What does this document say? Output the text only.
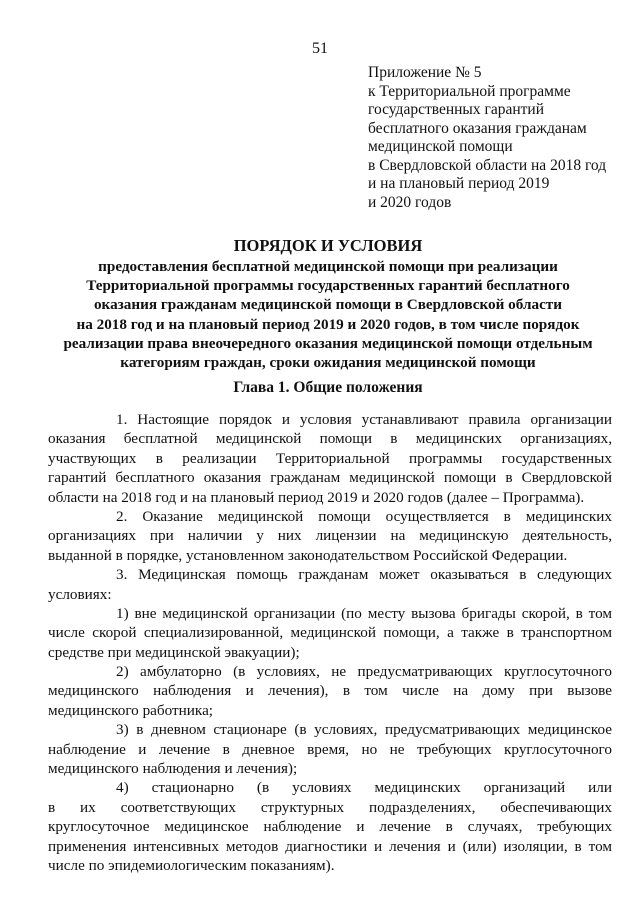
51
Приложение № 5
к Территориальной программе
государственных гарантий
бесплатного оказания гражданам
медицинской помощи
в Свердловской области на 2018 год
и на плановый период 2019
и 2020 годов
ПОРЯДОК И УСЛОВИЯ
предоставления бесплатной медицинской помощи при реализации
Территориальной программы государственных гарантий бесплатного
оказания гражданам медицинской помощи в Свердловской области
на 2018 год и на плановый период 2019 и 2020 годов, в том числе порядок
реализации права внеочередного оказания медицинской помощи отдельным
категориям граждан, сроки ожидания медицинской помощи
Глава 1. Общие положения
1. Настоящие порядок и условия устанавливают правила организации
оказания бесплатной медицинской помощи в медицинских организациях,
участвующих в реализации Территориальной программы государственных
гарантий бесплатного оказания гражданам медицинской помощи в Свердловской
области на 2018 год и на плановый период 2019 и 2020 годов (далее – Программа).
2. Оказание медицинской помощи осуществляется в медицинских
организациях при наличии у них лицензии на медицинскую деятельность,
выданной в порядке, установленном законодательством Российской Федерации.
3. Медицинская помощь гражданам может оказываться в следующих
условиях:
1) вне медицинской организации (по месту вызова бригады скорой, в том
числе скорой специализированной, медицинской помощи, а также в транспортном
средстве при медицинской эвакуации);
2) амбулаторно (в условиях, не предусматривающих круглосуточного
медицинского наблюдения и лечения), в том числе на дому при вызове
медицинского работника;
3) в дневном стационаре (в условиях, предусматривающих медицинское
наблюдение и лечение в дневное время, но не требующих круглосуточного
медицинского наблюдения и лечения);
4) стационарно (в условиях медицинских организаций или
в их соответствующих структурных подразделениях, обеспечивающих
круглосуточное медицинское наблюдение и лечение в случаях, требующих
применения интенсивных методов диагностики и лечения и (или) изоляции, в том
числе по эпидемиологическим показаниям).
